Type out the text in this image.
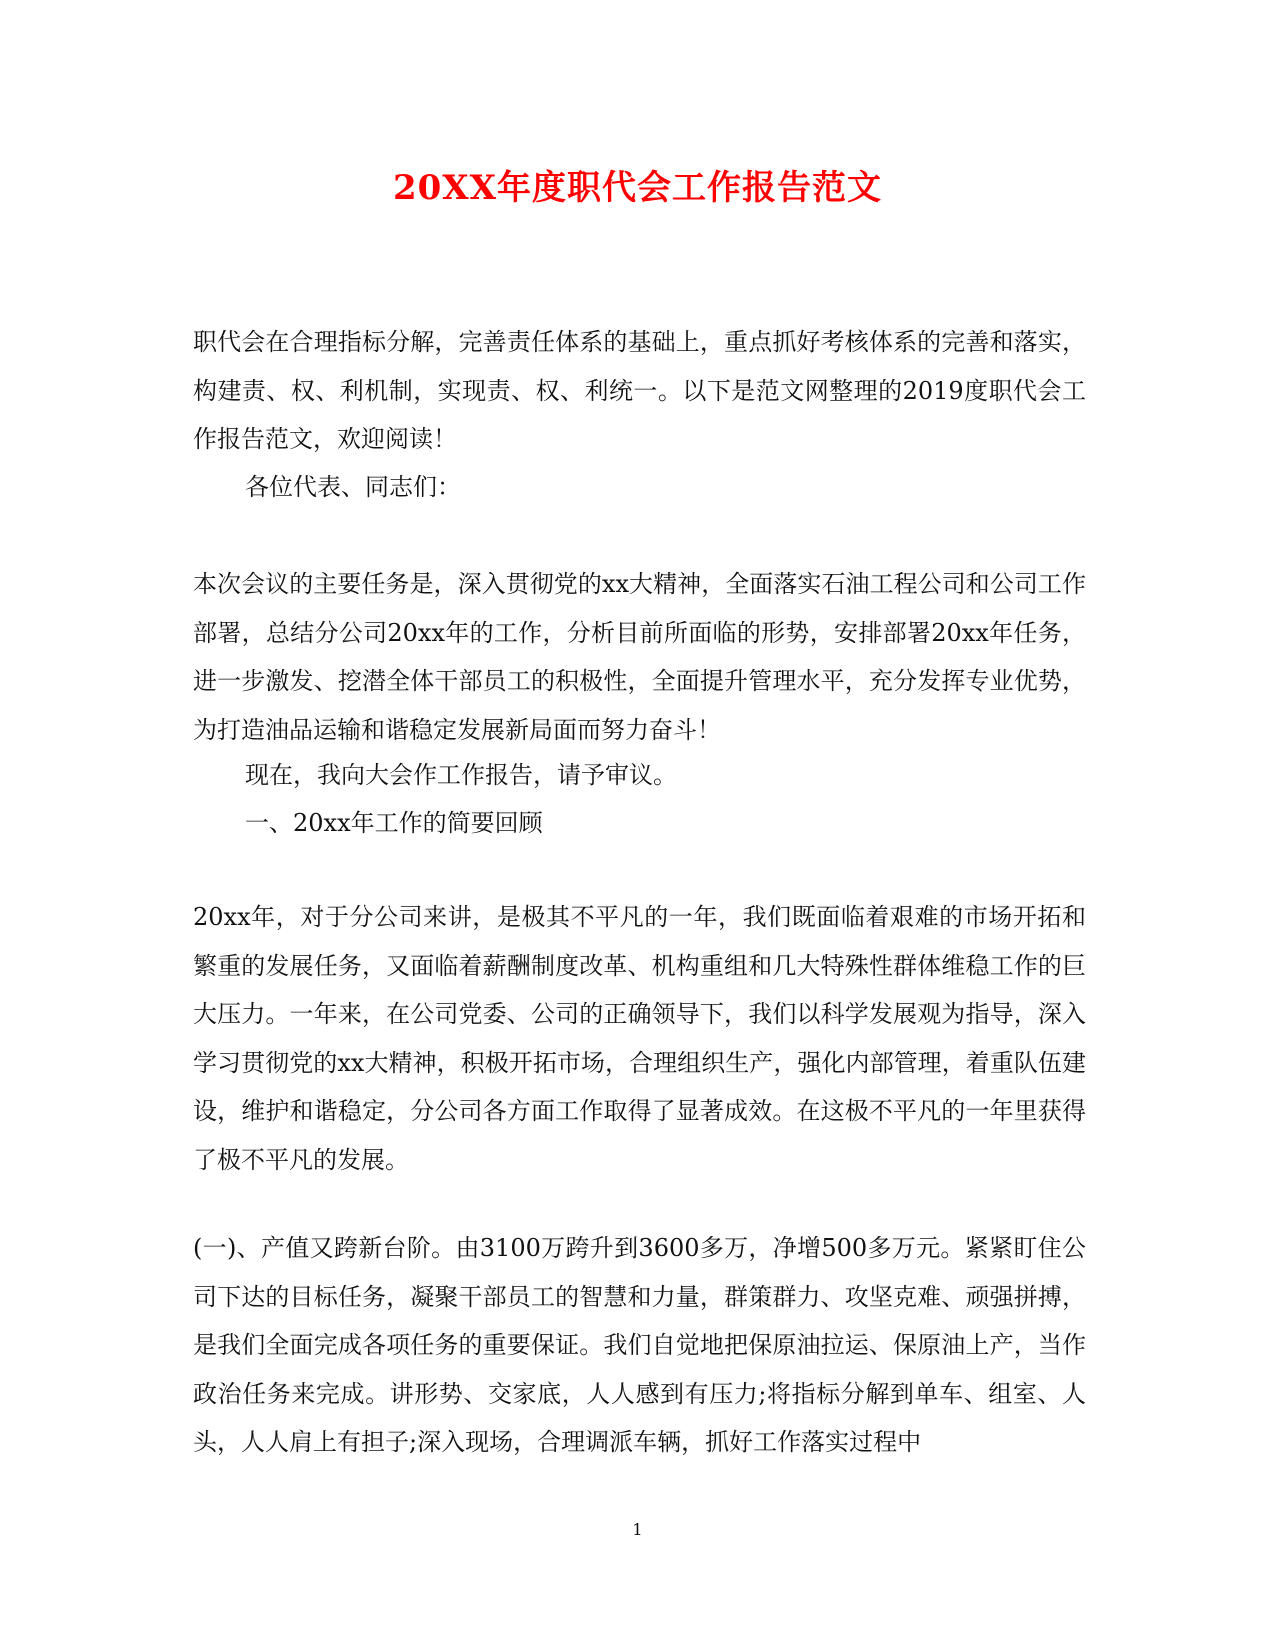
20XX年度职代会工作报告范文

职代会在合理指标分解，完善责任体系的基础上，重点抓好考核体系的完善和落实，构建责、权、利机制，实现责、权、利统一。以下是范文网整理的2019度职代会工作报告范文，欢迎阅读！

各位代表、同志们：

本次会议的主要任务是，深入贯彻党的xx大精神，全面落实石油工程公司和公司工作部署，总结分公司20xx年的工作，分析目前所面临的形势，安排部署20xx年任务，进一步激发、挖潜全体干部员工的积极性，全面提升管理水平，充分发挥专业优势，为打造油品运输和谐稳定发展新局面而努力奋斗！

现在，我向大会作工作报告，请予审议。

一、20xx年工作的简要回顾

20xx年，对于分公司来讲，是极其不平凡的一年，我们既面临着艰难的市场开拓和繁重的发展任务，又面临着薪酬制度改革、机构重组和几大特殊性群体维稳工作的巨大压力。一年来，在公司党委、公司的正确领导下，我们以科学发展观为指导，深入学习贯彻党的xx大精神，积极开拓市场，合理组织生产，强化内部管理，着重队伍建设，维护和谐稳定，分公司各方面工作取得了显著成效。在这极不平凡的一年里获得了极不平凡的发展。

(一)、产值又跨新台阶。由3100万跨升到3600多万，净增500多万元。紧紧盯住公司下达的目标任务，凝聚干部员工的智慧和力量，群策群力、攻坚克难、顽强拼搏，是我们全面完成各项任务的重要保证。我们自觉地把保原油拉运、保原油上产，当作政治任务来完成。讲形势、交家底，人人感到有压力;将指标分解到单车、组室、人头，人人肩上有担子;深入现场，合理调派车辆，抓好工作落实过程中

1
